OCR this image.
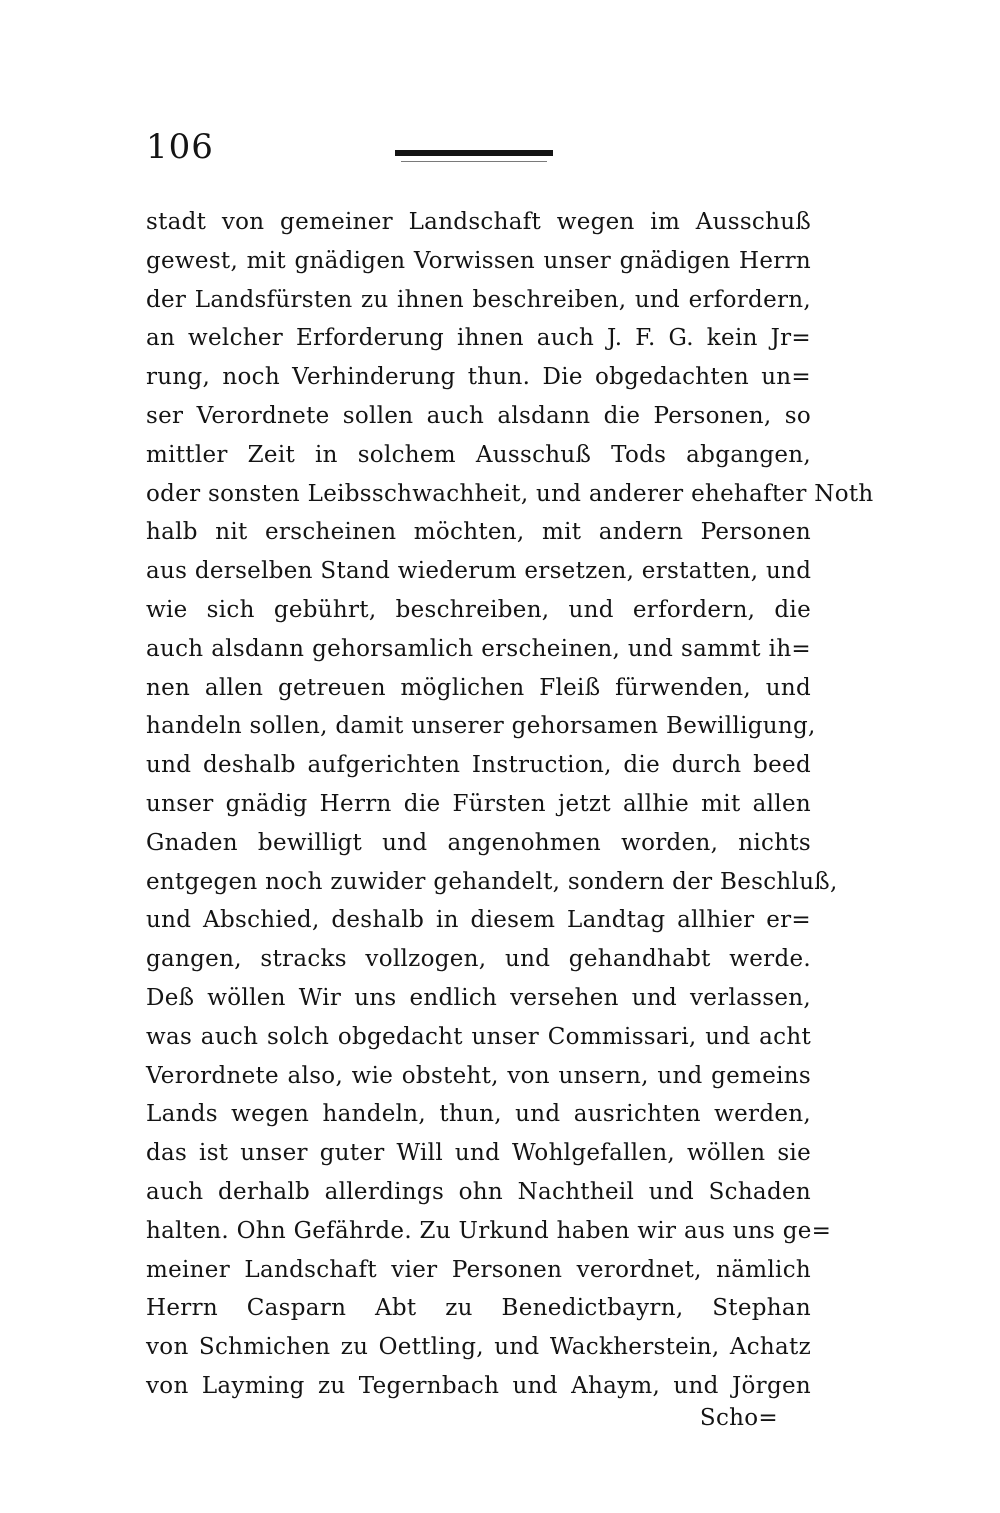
106
stadt von gemeiner Landschaft wegen im Ausschuß
gewest, mit gnädigen Vorwissen unser gnädigen Herrn
der Landsfürsten zu ihnen beschreiben, und erfordern,
an welcher Erforderung ihnen auch J. F. G. kein Jr=
rung, noch Verhinderung thun. Die obgedachten un=
ser Verordnete sollen auch alsdann die Personen, so
mittler Zeit in solchem Ausschuß Tods abgangen,
oder sonsten Leibsschwachheit, und anderer ehehafter Noth
halb nit erscheinen möchten, mit andern Personen
aus derselben Stand wiederum ersetzen, erstatten, und
wie sich gebührt, beschreiben, und erfordern, die
auch alsdann gehorsamlich erscheinen, und sammt ih=
nen allen getreuen möglichen Fleiß fürwenden, und
handeln sollen, damit unserer gehorsamen Bewilligung,
und deshalb aufgerichten Instruction, die durch beed
unser gnädig Herrn die Fürsten jetzt allhie mit allen
Gnaden bewilligt und angenohmen worden, nichts
entgegen noch zuwider gehandelt, sondern der Beschluß,
und Abschied, deshalb in diesem Landtag allhier er=
gangen, stracks vollzogen, und gehandhabt werde.
Deß wöllen Wir uns endlich versehen und verlassen,
was auch solch obgedacht unser Commissari, und acht
Verordnete also, wie obsteht, von unsern, und gemeins
Lands wegen handeln, thun, und ausrichten werden,
das ist unser guter Will und Wohlgefallen, wöllen sie
auch derhalb allerdings ohn Nachtheil und Schaden
halten. Ohn Gefährde. Zu Urkund haben wir aus uns ge=
meiner Landschaft vier Personen verordnet, nämlich
Herrn Casparn Abt zu Benedictbayrn, Stephan
von Schmichen zu Oettling, und Wackherstein, Achatz
von Layming zu Tegernbach und Ahaym, und Jörgen
Scho=
